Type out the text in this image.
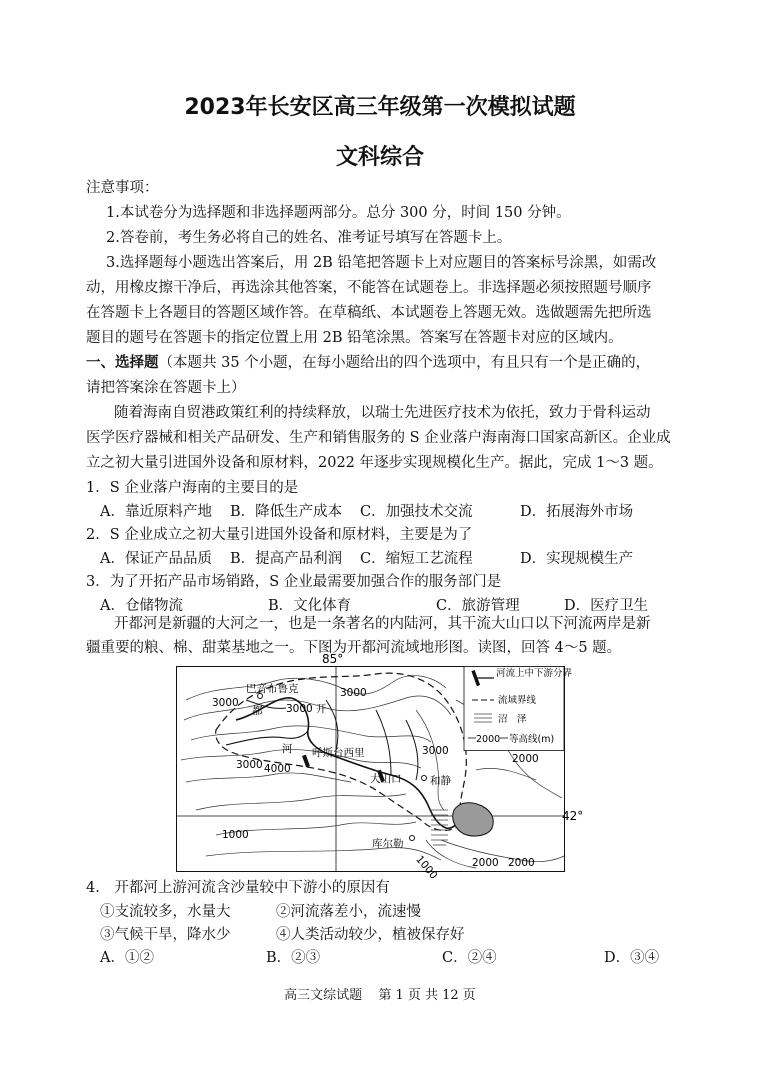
2023年长安区高三年级第一次模拟试题
文科综合
注意事项：
1.本试卷分为选择题和非选择题两部分。总分 300 分，时间 150 分钟。
2.答卷前，考生务必将自己的姓名、准考证号填写在答题卡上。
3.选择题每小题选出答案后，用 2B 铅笔把答题卡上对应题目的答案标号涂黑，如需改
动，用橡皮擦干净后，再选涂其他答案，不能答在试题卷上。非选择题必须按照题号顺序
在答题卡上各题目的答题区域作答。在草稿纸、本试题卷上答题无效。选做题需先把所选
题目的题号在答题卡的指定位置上用 2B 铅笔涂黑。答案写在答题卡对应的区域内。
一、选择题（本题共 35 个小题，在每小题给出的四个选项中，有且只有一个是正确的，
请把答案涂在答题卡上）
随着海南自贸港政策红利的持续释放，以瑞士先进医疗技术为依托，致力于骨科运动
医学医疗器械和相关产品研发、生产和销售服务的 S 企业落户海南海口国家高新区。企业成
立之初大量引进国外设备和原材料，2022 年逐步实现规模化生产。据此，完成 1～3 题。
1．S 企业落户海南的主要目的是
A．靠近原料产地	B．降低生产成本	C．加强技术交流	D．拓展海外市场
2．S 企业成立之初大量引进国外设备和原材料，主要是为了
A．保证产品品质	B．提高产品利润	C．缩短工艺流程	D．实现规模生产
3．为了开拓产品市场销路，S 企业最需要加强合作的服务部门是
A．仓储物流	B．文化体育	C．旅游管理	D．医疗卫生
开都河是新疆的大河之一，也是一条著名的内陆河，其干流大山口以下河流两岸是新
疆重要的粮、棉、甜菜基地之一。下图为开都河流域地形图。读图，回答 4～5 题。
85°
42°
巴音布鲁克
呼斯台西里
大山口	和静
库尔勒
开
都
河
3000	3000
3000
3000
3000 4000
2000
2000 2000
1000
1000
河流上中下游分界
流域界线
沼　泽
2000 等高线(m)
4.　开都河上游河流含沙量较中下游小的原因有
①支流较多，水量大	②河流落差小，流速慢
③气候干旱，降水少	④人类活动较少，植被保存好
A．①②	B．②③	C．②④	D．③④
高三文综试题 第 1 页 共 12 页
